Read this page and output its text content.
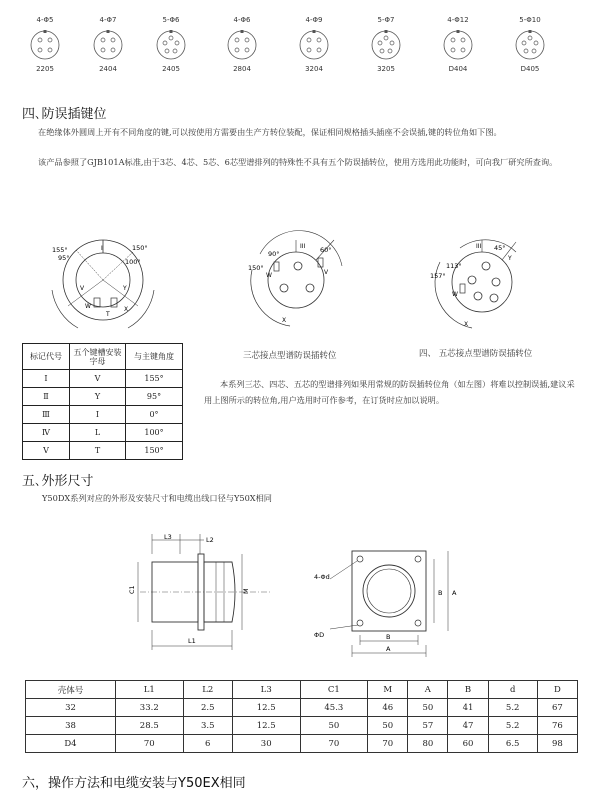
4-Φ5
2205
4-Φ7
2404
5-Φ6
2405
4-Φ6
2804
4-Φ9
3204
5-Φ7
3205
4-Φ12
D404
5-Φ10
D405
四､防误插键位

在绝缘体外圆周上开有不同角度的键,可以按使用方需要由生产方转位装配，保证相同规格插头插座不会误插,键的转位角如下图。

该产品参照了GJB101A标准,由于3芯、4芯、5芯、6芯型谱排列的特殊性不具有五个防误插转位，使用方选用此功能时，可向我厂研究所查询。

155°	150°
95°	100°
I
Y
V
W
T
X
90°	60°
150°
III
W	V
X
三芯接点型谱防误插转位
45°
113°
157°
III
Y
W
X
四、 五芯接点型谱防误插转位
标记代号	五个键槽安装字母	与主键角度
Ⅰ	V	155°
Ⅱ	Y	95°
Ⅲ	I	0°
Ⅳ	L	100°
Ⅴ	T	150°

本系列三芯、四芯、五芯的型谱排列如果用常规的防误插转位角（如左图）将难以控制误插,建议采用上图所示的转位角,用户选用时可作参考，在订货时应加以说明。

五､外形尺寸

Y50DX系列对应的外形及安装尺寸和电缆出线口径与Y50X相同

L3	L2
C1	M
L1
4-Φd
ΦD
B A
B
A
壳体号	L1	L2	L3	C1	M	A	B	d	D
32	33.2	2.5	12.5	45.3	46	50	41	5.2	67
38	28.5	3.5	12.5	50	50	57	47	5.2	76
D4	70	6	30	70	70	80	60	6.5	98
六，操作方法和电缆安装与Y50EX相同
